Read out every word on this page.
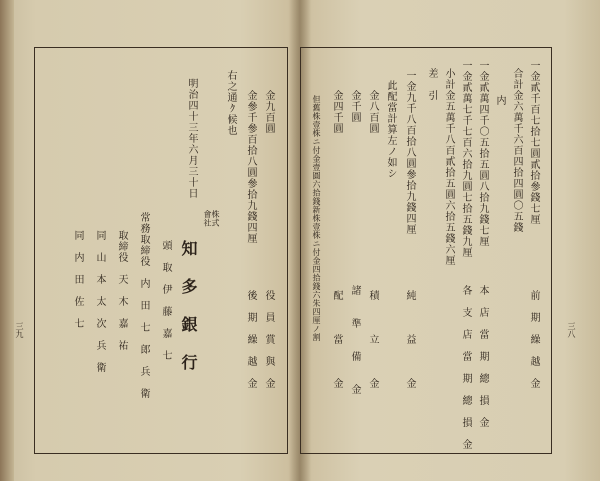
三八
一金貳千百七拾七圓貳拾參錢七厘
前　期　繰　越　金
合計金六萬千六百四拾四圓〇五錢
内
一金貳萬四千〇五拾五圓八拾九錢七厘
本　店　當　期　總　損　金
一金貳萬七千七百六拾九圓七拾五錢九厘
各　支　店　當　期　總　損　金
小計金五萬千八百貳拾五圓六拾五錢六厘
差　引
一金九千八百拾八圓參拾九錢四厘
純　　　益　　　金
此配當計算左ノ如シ
金八百圓
積　　　立　　　金
金千圓
諸　　準　　備　　金
金四千圓
配　　　當　　　金
但舊株壹株ニ付金壹圓六拾錢新株壹株ニ付金四拾錢六朱四厘ノ割
三九
金九百圓
役　員　賞　與　金
金參千參百拾八圓參拾九錢四厘
後　期　繰　越　金
右之通ｸ候也
明治四十三年六月三十日
株式
會社
知　多　銀　行
頭　取　伊　藤　嘉　七
常務取締役　内　田　七　郎　兵　衛
取締役　天　木　嘉　祐
同　山　本　太　次　兵　衛
同　内　田　佐　七
